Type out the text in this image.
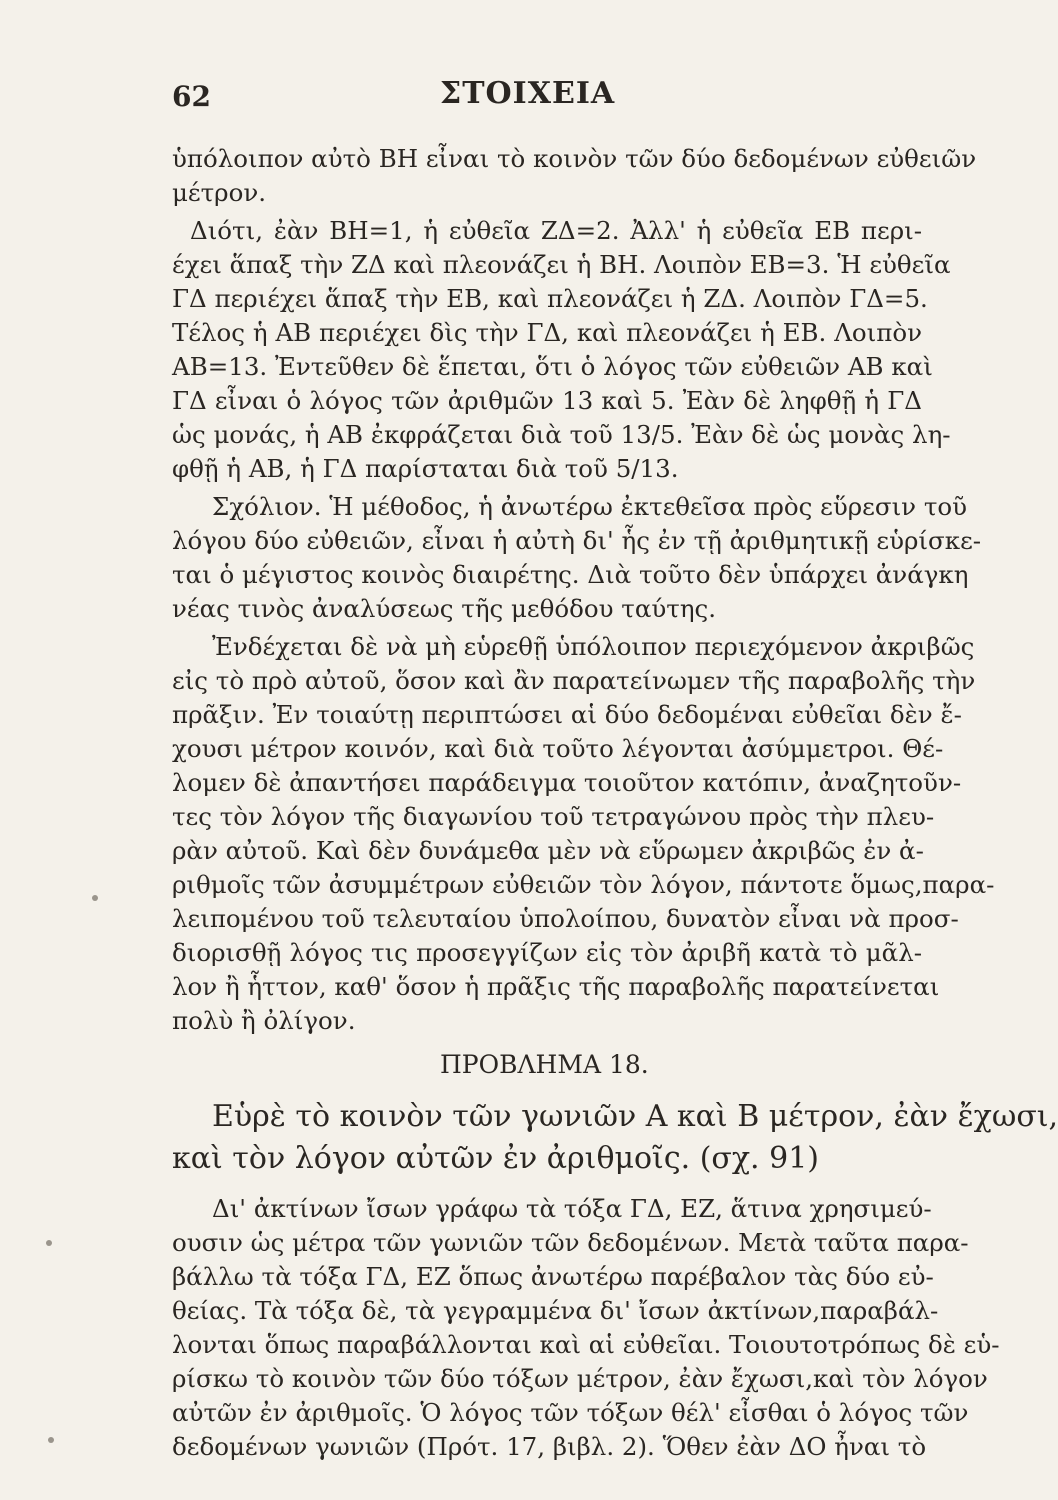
62	ΣΤΟΙΧΕΙΑ
ὑπόλοιπον αὐτὸ ΒΗ εἶναι τὸ κοινὸν τῶν δύο δεδομένων εὐθειῶν
μέτρον.
Διότι, ἐὰν ΒΗ=1, ἡ εὐθεῖα ΖΔ=2. Ἀλλ' ἡ εὐθεῖα ΕΒ περι-
έχει ἅπαξ τὴν ΖΔ καὶ πλεονάζει ἡ ΒΗ. Λοιπὸν ΕΒ=3. Ἡ εὐθεῖα
ΓΔ περιέχει ἅπαξ τὴν ΕΒ, καὶ πλεονάζει ἡ ΖΔ. Λοιπὸν ΓΔ=5.
Τέλος ἡ ΑΒ περιέχει δὶς τὴν ΓΔ, καὶ πλεονάζει ἡ ΕΒ. Λοιπὸν
ΑΒ=13. Ἐντεῦθεν δὲ ἕπεται, ὅτι ὁ λόγος τῶν εὐθειῶν ΑΒ καὶ
ΓΔ εἶναι ὁ λόγος τῶν ἀριθμῶν 13 καὶ 5. Ἐὰν δὲ ληφθῇ ἡ ΓΔ
ὡς μονάς, ἡ ΑΒ ἐκφράζεται διὰ τοῦ 13/5. Ἐὰν δὲ ὡς μονὰς λη-
φθῇ ἡ ΑΒ, ἡ ΓΔ παρίσταται διὰ τοῦ 5/13.
Σχόλιον. Ἡ μέθοδος, ἡ ἀνωτέρω ἐκτεθεῖσα πρὸς εὕρεσιν τοῦ
λόγου δύο εὐθειῶν, εἶναι ἡ αὐτὴ δι' ἧς ἐν τῇ ἀριθμητικῇ εὑρίσκε-
ται ὁ μέγιστος κοινὸς διαιρέτης. Διὰ τοῦτο δὲν ὑπάρχει ἀνάγκη
νέας τινὸς ἀναλύσεως τῆς μεθόδου ταύτης.
Ἐνδέχεται δὲ νὰ μὴ εὑρεθῇ ὑπόλοιπον περιεχόμενον ἀκριβῶς
εἰς τὸ πρὸ αὐτοῦ, ὅσον καὶ ἂν παρατείνωμεν τῆς παραβολῆς τὴν
πρᾶξιν. Ἐν τοιαύτῃ περιπτώσει αἱ δύο δεδομέναι εὐθεῖαι δὲν ἔ-
χουσι μέτρον κοινόν, καὶ διὰ τοῦτο λέγονται ἀσύμμετροι. Θέ-
λομεν δὲ ἀπαντήσει παράδειγμα τοιοῦτον κατόπιν, ἀναζητοῦν-
τες τὸν λόγον τῆς διαγωνίου τοῦ τετραγώνου πρὸς τὴν πλευ-
ρὰν αὐτοῦ. Καὶ δὲν δυνάμεθα μὲν νὰ εὕρωμεν ἀκριβῶς ἐν ἀ-
ριθμοῖς τῶν ἀσυμμέτρων εὐθειῶν τὸν λόγον, πάντοτε ὅμως,παρα-
λειπομένου τοῦ τελευταίου ὑπολοίπου, δυνατὸν εἶναι νὰ προσ-
διορισθῇ λόγος τις προσεγγίζων εἰς τὸν ἀριβῆ κατὰ τὸ μᾶλ-
λον ἢ ἧττον, καθ' ὅσον ἡ πρᾶξις τῆς παραβολῆς παρατείνεται
πολὺ ἢ ὀλίγον.
ΠΡΟΒΛΗΜΑ 18.
Εὑρὲ τὸ κοινὸν τῶν γωνιῶν Α καὶ Β μέτρον, ἐὰν ἔχωσι,
καὶ τὸν λόγον αὐτῶν ἐν ἀριθμοῖς. (σχ. 91)
Δι' ἀκτίνων ἴσων γράφω τὰ τόξα ΓΔ, ΕΖ, ἅτινα χρησιμεύ-
ουσιν ὡς μέτρα τῶν γωνιῶν τῶν δεδομένων. Μετὰ ταῦτα παρα-
βάλλω τὰ τόξα ΓΔ, ΕΖ ὅπως ἀνωτέρω παρέβαλον τὰς δύο εὐ-
θείας. Τὰ τόξα δὲ, τὰ γεγραμμένα δι' ἴσων ἀκτίνων,παραβάλ-
λονται ὅπως παραβάλλονται καὶ αἱ εὐθεῖαι. Τοιουτοτρόπως δὲ εὑ-
ρίσκω τὸ κοινὸν τῶν δύο τόξων μέτρον, ἐὰν ἔχωσι,καὶ τὸν λόγον
αὐτῶν ἐν ἀριθμοῖς. Ὁ λόγος τῶν τόξων θέλ' εἶσθαι ὁ λόγος τῶν
δεδομένων γωνιῶν (Πρότ. 17, βιβλ. 2). Ὅθεν ἐὰν ΔΟ ἦναι τὸ
